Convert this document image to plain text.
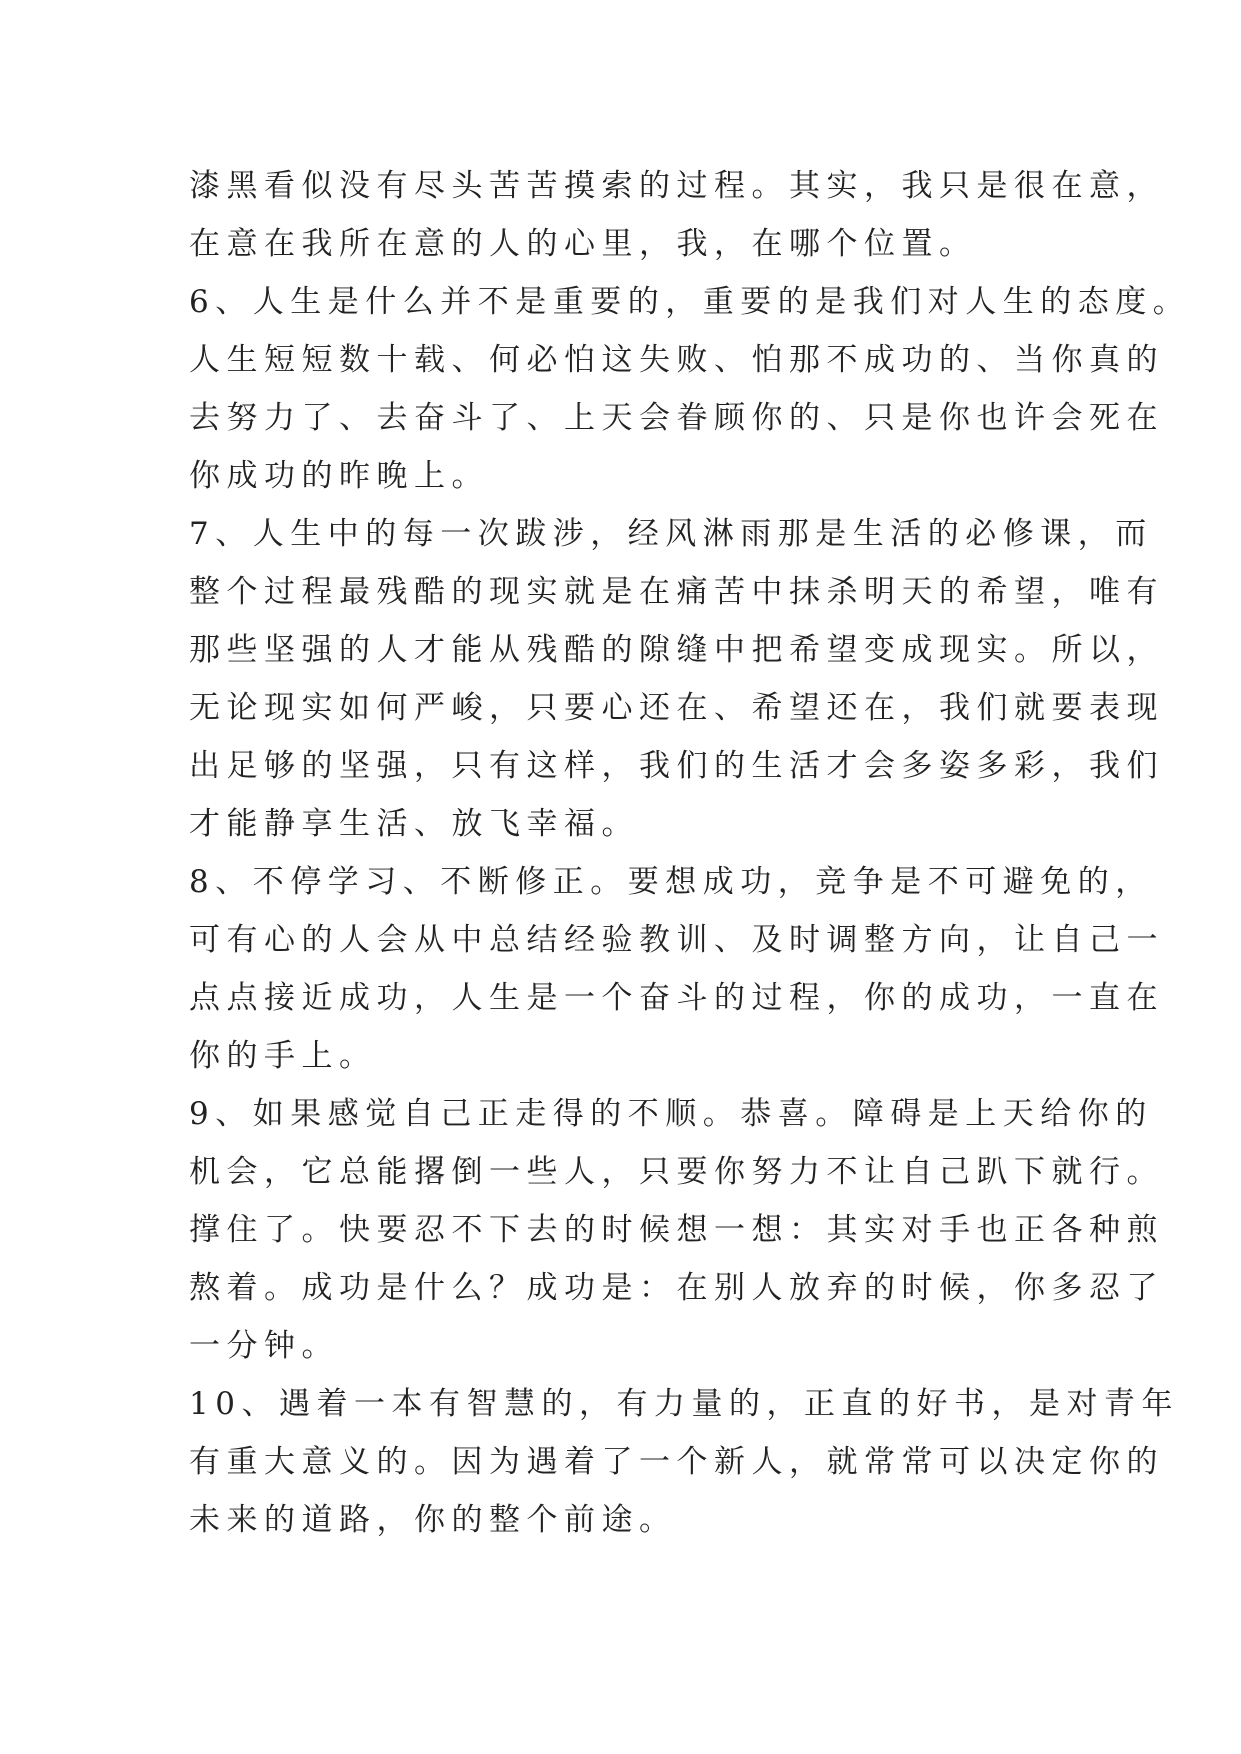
漆黑看似没有尽头苦苦摸索的过程。其实，我只是很在意，
在意在我所在意的人的心里，我，在哪个位置。
6、人生是什么并不是重要的，重要的是我们对人生的态度。
人生短短数十载、何必怕这失败、怕那不成功的、当你真的
去努力了、去奋斗了、上天会眷顾你的、只是你也许会死在
你成功的昨晚上。
7、人生中的每一次跋涉，经风淋雨那是生活的必修课，而
整个过程最残酷的现实就是在痛苦中抹杀明天的希望，唯有
那些坚强的人才能从残酷的隙缝中把希望变成现实。所以，
无论现实如何严峻，只要心还在、希望还在，我们就要表现
出足够的坚强，只有这样，我们的生活才会多姿多彩，我们
才能静享生活、放飞幸福。
8、不停学习、不断修正。要想成功，竞争是不可避免的，
可有心的人会从中总结经验教训、及时调整方向，让自己一
点点接近成功，人生是一个奋斗的过程，你的成功，一直在
你的手上。
9、如果感觉自己正走得的不顺。恭喜。障碍是上天给你的
机会，它总能撂倒一些人，只要你努力不让自己趴下就行。
撑住了。快要忍不下去的时候想一想：其实对手也正各种煎
熬着。成功是什么？成功是：在别人放弃的时候，你多忍了
一分钟。
10、遇着一本有智慧的，有力量的，正直的好书，是对青年
有重大意义的。因为遇着了一个新人，就常常可以决定你的
未来的道路，你的整个前途。
